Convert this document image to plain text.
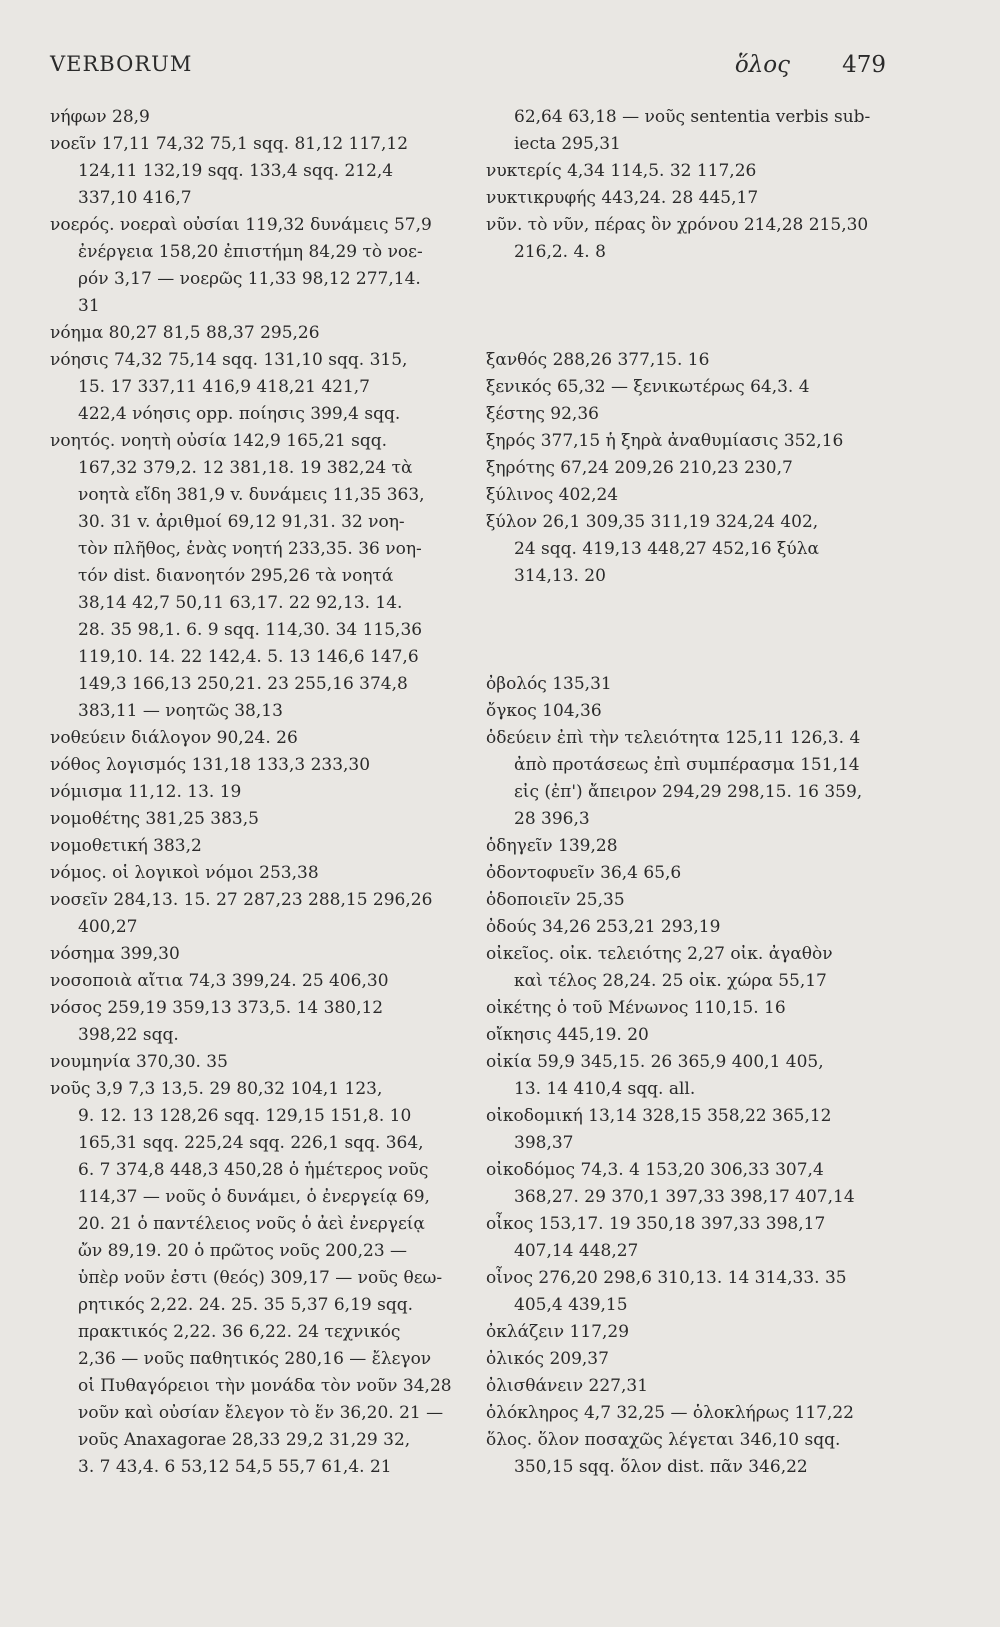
VERBORUM	ὅλος 479
νήφων 28,9
νοεῖν 17,11 74,32 75,1 sqq. 81,12 117,12
124,11 132,19 sqq. 133,4 sqq. 212,4
337,10 416,7
νοερός. νοεραὶ οὐσίαι 119,32 δυνάμεις 57,9
ἐνέργεια 158,20 ἐπιστήμη 84,29 τὸ νοε-
ρόν 3,17 — νοερῶς 11,33 98,12 277,14.
31
νόημα 80,27 81,5 88,37 295,26
νόησις 74,32 75,14 sqq. 131,10 sqq. 315,
15. 17 337,11 416,9 418,21 421,7
422,4 νόησις opp. ποίησις 399,4 sqq.
νοητός. νοητὴ οὐσία 142,9 165,21 sqq.
167,32 379,2. 12 381,18. 19 382,24 τὰ
νοητὰ εἴδη 381,9 v. δυνάμεις 11,35 363,
30. 31 v. ἀριθμοί 69,12 91,31. 32 νοη-
τὸν πλῆθος, ἑνὰς νοητή 233,35. 36 νοη-
τόν dist. διανοητόν 295,26 τὰ νοητά
38,14 42,7 50,11 63,17. 22 92,13. 14.
28. 35 98,1. 6. 9 sqq. 114,30. 34 115,36
119,10. 14. 22 142,4. 5. 13 146,6 147,6
149,3 166,13 250,21. 23 255,16 374,8
383,11 — νοητῶς 38,13
νοθεύειν διάλογον 90,24. 26
νόθος λογισμός 131,18 133,3 233,30
νόμισμα 11,12. 13. 19
νομοθέτης 381,25 383,5
νομοθετική 383,2
νόμος. οἱ λογικοὶ νόμοι 253,38
νοσεῖν 284,13. 15. 27 287,23 288,15 296,26
400,27
νόσημα 399,30
νοσοποιὰ αἴτια 74,3 399,24. 25 406,30
νόσος 259,19 359,13 373,5. 14 380,12
398,22 sqq.
νουμηνία 370,30. 35
νοῦς 3,9 7,3 13,5. 29 80,32 104,1 123,
9. 12. 13 128,26 sqq. 129,15 151,8. 10
165,31 sqq. 225,24 sqq. 226,1 sqq. 364,
6. 7 374,8 448,3 450,28 ὁ ἡμέτερος νοῦς
114,37 — νοῦς ὁ δυνάμει, ὁ ἐνεργείᾳ 69,
20. 21 ὁ παντέλειος νοῦς ὁ ἀεὶ ἐνεργείᾳ
ὤν 89,19. 20 ὁ πρῶτος νοῦς 200,23 —
ὑπὲρ νοῦν ἐστι (θεός) 309,17 — νοῦς θεω-
ρητικός 2,22. 24. 25. 35 5,37 6,19 sqq.
πρακτικός 2,22. 36 6,22. 24 τεχνικός
2,36 — νοῦς παθητικός 280,16 — ἔλεγον
οἱ Πυθαγόρειοι τὴν μονάδα τὸν νοῦν 34,28
νοῦν καὶ οὐσίαν ἔλεγον τὸ ἕν 36,20. 21 —
νοῦς Anaxagorae 28,33 29,2 31,29 32,
3. 7 43,4. 6 53,12 54,5 55,7 61,4. 21
62,64 63,18 — νοῦς sententia verbis sub-
iecta 295,31
νυκτερίς 4,34 114,5. 32 117,26
νυκτικρυφής 443,24. 28 445,17
νῦν. τὸ νῦν, πέρας ὂν χρόνου 214,28 215,30
216,2. 4. 8
ξανθός 288,26 377,15. 16
ξενικός 65,32 — ξενικωτέρως 64,3. 4
ξέστης 92,36
ξηρός 377,15 ἡ ξηρὰ ἀναθυμίασις 352,16
ξηρότης 67,24 209,26 210,23 230,7
ξύλινος 402,24
ξύλον 26,1 309,35 311,19 324,24 402,
24 sqq. 419,13 448,27 452,16 ξύλα
314,13. 20
ὀβολός 135,31
ὄγκος 104,36
ὁδεύειν ἐπὶ τὴν τελειότητα 125,11 126,3. 4
ἀπὸ προτάσεως ἐπὶ συμπέρασμα 151,14
εἰς (ἐπ') ἄπειρον 294,29 298,15. 16 359,
28 396,3
ὁδηγεῖν 139,28
ὀδοντοφυεῖν 36,4 65,6
ὁδοποιεῖν 25,35
ὀδούς 34,26 253,21 293,19
οἰκεῖος. οἰκ. τελειότης 2,27 οἰκ. ἀγαθὸν
καὶ τέλος 28,24. 25 οἰκ. χώρα 55,17
οἰκέτης ὁ τοῦ Μένωνος 110,15. 16
οἴκησις 445,19. 20
οἰκία 59,9 345,15. 26 365,9 400,1 405,
13. 14 410,4 sqq. all.
οἰκοδομική 13,14 328,15 358,22 365,12
398,37
οἰκοδόμος 74,3. 4 153,20 306,33 307,4
368,27. 29 370,1 397,33 398,17 407,14
οἶκος 153,17. 19 350,18 397,33 398,17
407,14 448,27
οἶνος 276,20 298,6 310,13. 14 314,33. 35
405,4 439,15
ὀκλάζειν 117,29
ὀλικός 209,37
ὀλισθάνειν 227,31
ὁλόκληρος 4,7 32,25 — ὁλοκλήρως 117,22
ὅλος. ὅλον ποσαχῶς λέγεται 346,10 sqq.
350,15 sqq. ὅλον dist. πᾶν 346,22
